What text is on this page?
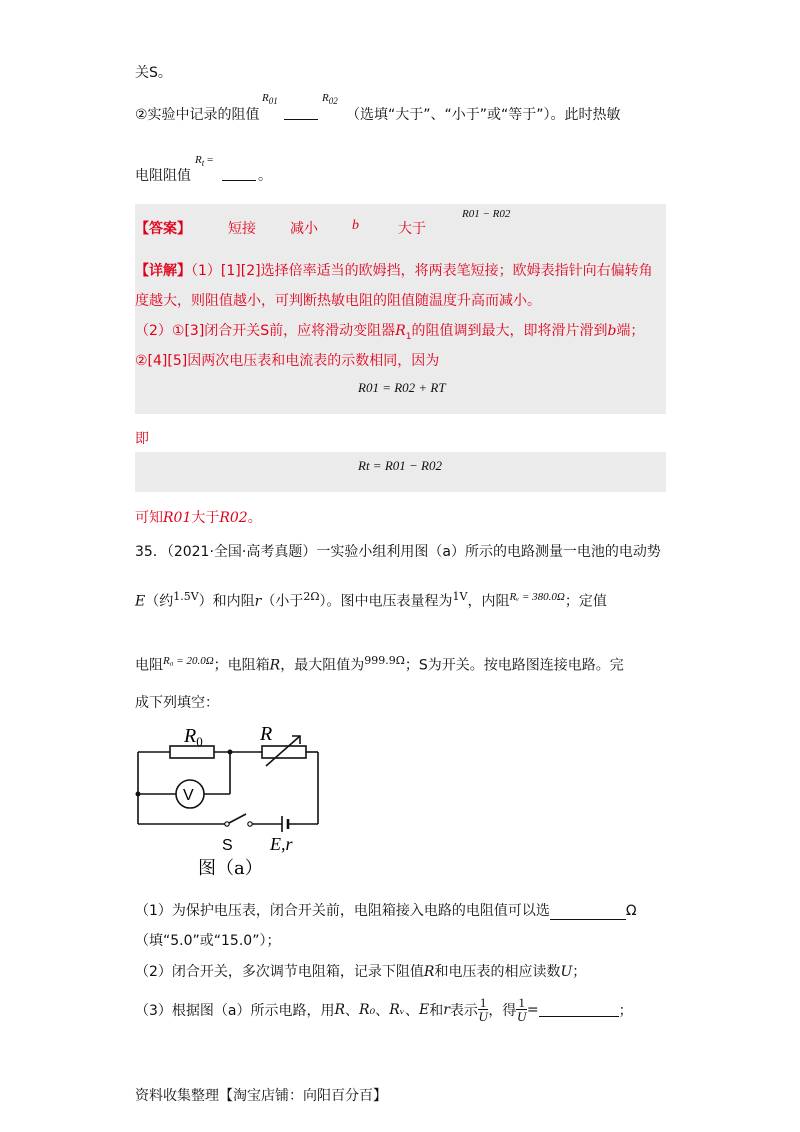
关S。
②实验中记录的阻值
$R_{01}$	$R_{02}$
（选填“大于”、“小于”或“等于”）。此时热敏
电阻阻值
$R_t$ =
。
【答案】	短接 减小 b	大于
R01 − R02
【详解】（1）[1][2]选择倍率适当的欧姆挡，将两表笔短接；欧姆表指针向右偏转角
度越大，则阻值越小，可判断热敏电阻的阻值随温度升高而减小。
（2）①[3]闭合开关S前，应将滑动变阻器$R_1$的阻值调到最大，即将滑片滑到b端；
②[4][5]因两次电压表和电流表的示数相同，因为
R01 = R02 + RT
即
Rt = R01 − R02
可知R01大于R02。
35．（2021·全国·高考真题）一实验小组利用图（a）所示的电路测量一电池的电动势
E（约$^{1.5V}$）和内阻r（小于$^{2\Omega}$）。图中电压表量程为$^{1V}$，内阻$^{Rᵥ = 380.0\Omega}$；定值
电阻$^{R_0 = 20.0\Omega}$；电阻箱R，最大阻值为$^{999.9\Omega}$；S为开关。按电路图连接电路。完
成下列填空：
$R_0$	R
V
S E,r
图（a）
（1）为保护电压表，闭合开关前，电阻箱接入电路的电阻值可以选	Ω
（填“5.0”或“15.0”）；
（2）闭合开关，多次调节电阻箱，记录下阻值R和电压表的相应读数U；
（3）根据图（a）所示电路，用 R 、 R₀ 、 Rᵥ 、 E 和 r 表示 $\frac{1}{U}$ ，得 $\frac{1}{U}$ =	；
资料收集整理【淘宝店铺：向阳百分百】
